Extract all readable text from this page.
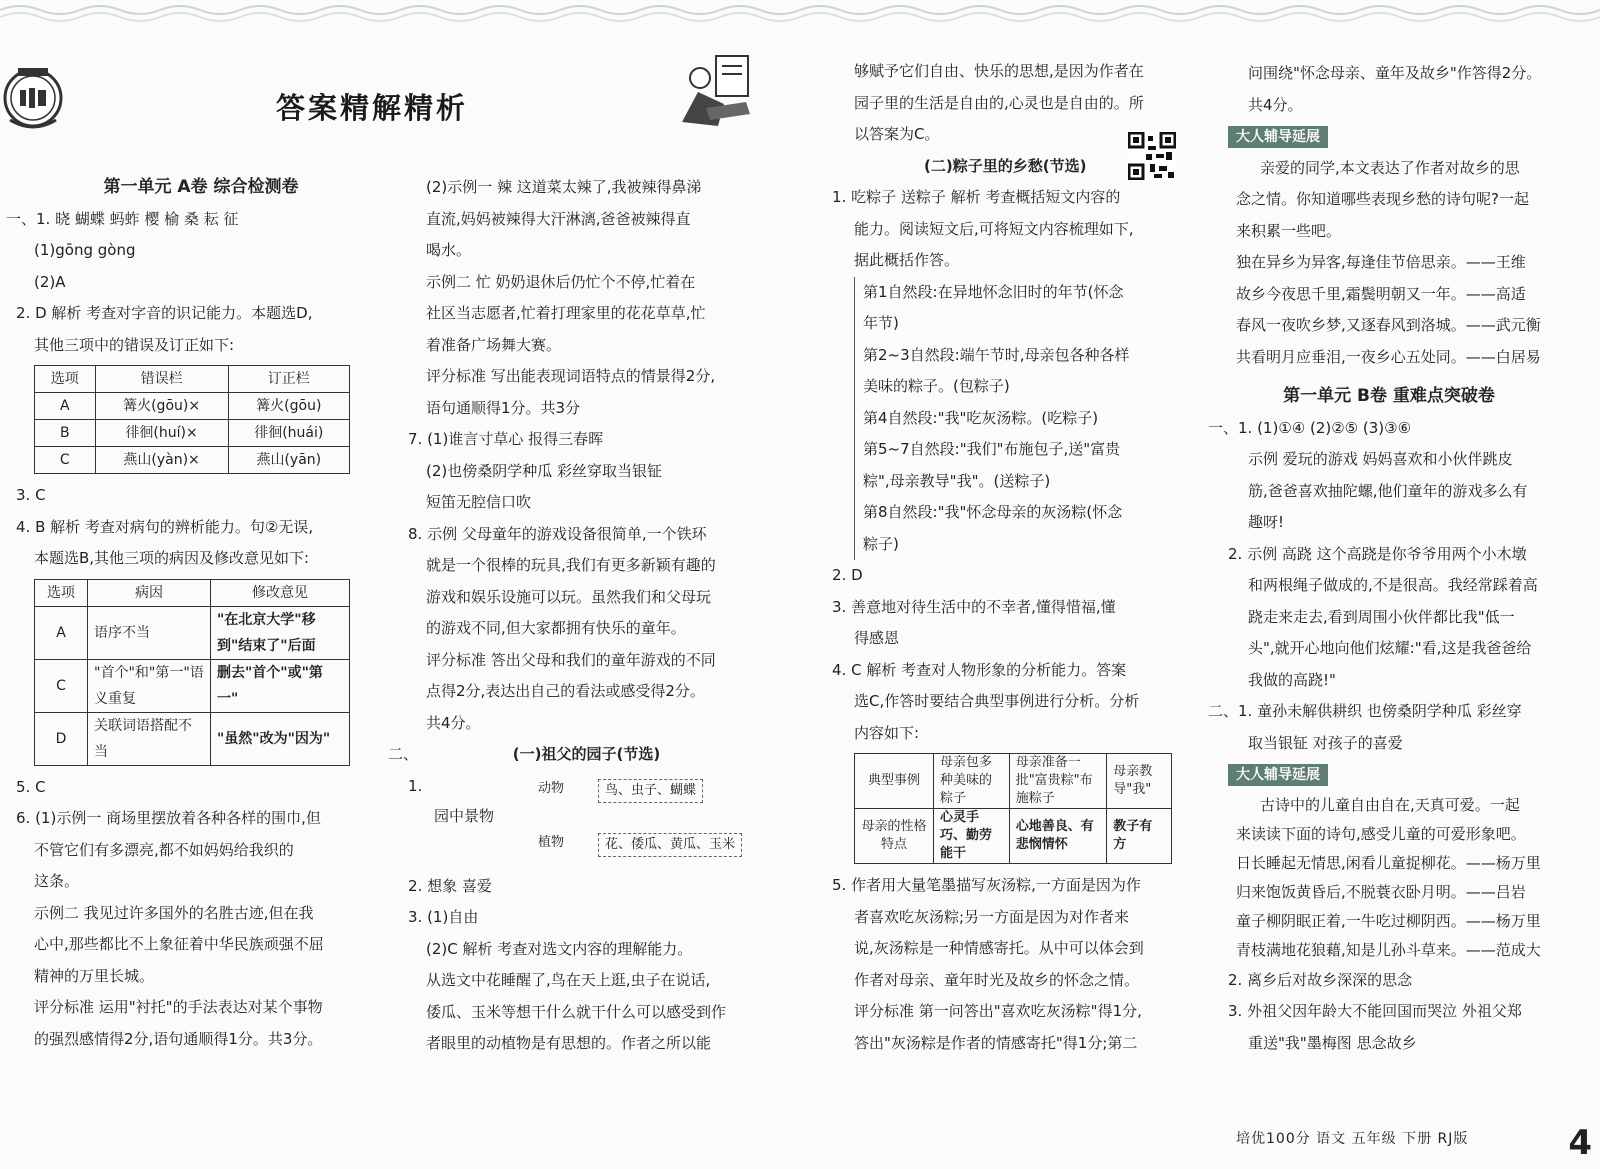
答案精解精析
第一单元 A卷 综合检测卷
一、1. 晓 蝴蝶 蚂蚱 樱 榆 桑 耘 征
(1)gōng gòng
(2)A
2. D 解析 考查对字音的识记能力。本题选D,
其他三项中的错误及订正如下:
选项	错误栏	订正栏
A	篝火(gōu)×	篝火(gōu)
B	徘徊(huí)×	徘徊(huái)
C	燕山(yàn)×	燕山(yān)
3. C
4. B 解析 考查对病句的辨析能力。句②无误,
本题选B,其他三项的病因及修改意见如下:
选项	病因	修改意见
A	语序不当	"在北京大学"移到"结束了"后面
C	"首个"和"第一"语义重复	删去"首个"或"第一"
D	关联词语搭配不当	"虽然"改为"因为"
5. C
6. (1)示例一 商场里摆放着各种各样的围巾,但
不管它们有多漂亮,都不如妈妈给我织的
这条。
示例二 我见过许多国外的名胜古迹,但在我
心中,那些都比不上象征着中华民族顽强不屈
精神的万里长城。
评分标准 运用"衬托"的手法表达对某个事物
的强烈感情得2分,语句通顺得1分。共3分。
(2)示例一 辣 这道菜太辣了,我被辣得鼻涕
直流,妈妈被辣得大汗淋漓,爸爸被辣得直
喝水。
示例二 忙 奶奶退休后仍忙个不停,忙着在
社区当志愿者,忙着打理家里的花花草草,忙
着准备广场舞大赛。
评分标准 写出能表现词语特点的情景得2分,
语句通顺得1分。共3分
7. (1)谁言寸草心 报得三春晖
(2)也傍桑阴学种瓜 彩丝穿取当银钲
短笛无腔信口吹
8. 示例 父母童年的游戏设备很简单,一个铁环
就是一个很棒的玩具,我们有更多新颖有趣的
游戏和娱乐设施可以玩。虽然我们和父母玩
的游戏不同,但大家都拥有快乐的童年。
评分标准 答出父母和我们的童年游戏的不同
点得2分,表达出自己的看法或感受得2分。
共4分。
二、	(一)祖父的园子(节选)
1.
园中景物
动物	鸟、虫子、蝴蝶
植物	花、倭瓜、黄瓜、玉米
2. 想象 喜爱
3. (1)自由
(2)C 解析 考查对选文内容的理解能力。
从选文中花睡醒了,鸟在天上逛,虫子在说话,
倭瓜、玉米等想干什么就干什么可以感受到作
者眼里的动植物是有思想的。作者之所以能
够赋予它们自由、快乐的思想,是因为作者在
园子里的生活是自由的,心灵也是自由的。所
以答案为C。
(二)粽子里的乡愁(节选)
1. 吃粽子 送粽子 解析 考查概括短文内容的
能力。阅读短文后,可将短文内容梳理如下,
据此概括作答。
第1自然段:在异地怀念旧时的年节(怀念
年节)
第2~3自然段:端午节时,母亲包各种各样
美味的粽子。(包粽子)
第4自然段:"我"吃灰汤粽。(吃粽子)
第5~7自然段:"我们"布施包子,送"富贵
粽",母亲教导"我"。(送粽子)
第8自然段:"我"怀念母亲的灰汤粽(怀念
粽子)
2. D
3. 善意地对待生活中的不幸者,懂得惜福,懂
得感恩
4. C 解析 考查对人物形象的分析能力。答案
选C,作答时要结合典型事例进行分析。分析
内容如下:
典型事例	母亲包多种美味的粽子	母亲准备一批"富贵粽"布施粽子	母亲教导"我"
母亲的性格特点	心灵手巧、勤劳能干	心地善良、有悲悯情怀	教子有方
5. 作者用大量笔墨描写灰汤粽,一方面是因为作
者喜欢吃灰汤粽;另一方面是因为对作者来
说,灰汤粽是一种情感寄托。从中可以体会到
作者对母亲、童年时光及故乡的怀念之情。
评分标准 第一问答出"喜欢吃灰汤粽"得1分,
答出"灰汤粽是作者的情感寄托"得1分;第二
问围绕"怀念母亲、童年及故乡"作答得2分。
共4分。
大人辅导延展
亲爱的同学,本文表达了作者对故乡的思
念之情。你知道哪些表现乡愁的诗句呢?一起
来积累一些吧。
独在异乡为异客,每逢佳节倍思亲。——王维
故乡今夜思千里,霜鬓明朝又一年。——高适
春风一夜吹乡梦,又逐春风到洛城。——武元衡
共看明月应垂泪,一夜乡心五处同。——白居易
第一单元 B卷 重难点突破卷
一、1. (1)①④ (2)②⑤ (3)③⑥
示例 爱玩的游戏 妈妈喜欢和小伙伴跳皮
筋,爸爸喜欢抽陀螺,他们童年的游戏多么有
趣呀!
2. 示例 高跷 这个高跷是你爷爷用两个小木墩
和两根绳子做成的,不是很高。我经常踩着高
跷走来走去,看到周围小伙伴都比我"低一
头",就开心地向他们炫耀:"看,这是我爸爸给
我做的高跷!"
二、1. 童孙未解供耕织 也傍桑阴学种瓜 彩丝穿
取当银钲 对孩子的喜爱
大人辅导延展
古诗中的儿童自由自在,天真可爱。一起
来读读下面的诗句,感受儿童的可爱形象吧。
日长睡起无情思,闲看儿童捉柳花。——杨万里
归来饱饭黄昏后,不脱蓑衣卧月明。——吕岩
童子柳阴眠正着,一牛吃过柳阴西。——杨万里
青枝满地花狼藉,知是儿孙斗草来。——范成大
2. 离乡后对故乡深深的思念
3. 外祖父因年龄大不能回国而哭泣 外祖父郑
重送"我"墨梅图 思念故乡
培优100分 语文 五年级 下册 RJ版	4
